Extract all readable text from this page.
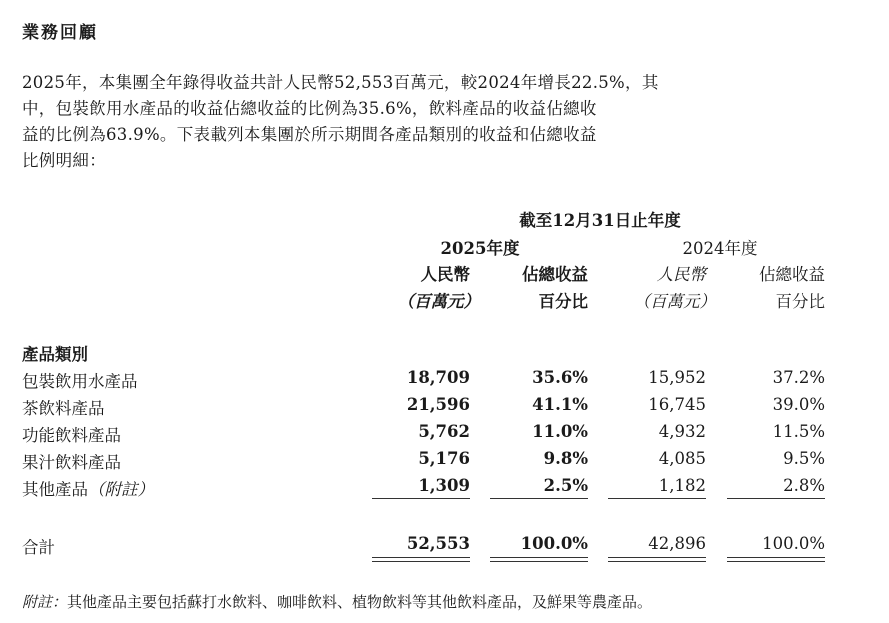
業務回顧
2025年，本集團全年錄得收益共計人民幣52,553百萬元，較2024年增長22.5%，其
中，包裝飲用水產品的收益佔總收益的比例為35.6%，飲料產品的收益佔總收
益的比例為63.9%。下表載列本集團於所示期間各產品類別的收益和佔總收益
比例明細：
截至12月31日止年度
2025年度	2024年度
人民幣	佔總收益	人民幣	佔總收益
（百萬元）	百分比	（百萬元）	百分比
產品類別
包裝飲用水產品	18,709	35.6%	15,952	37.2%
茶飲料產品	21,596	41.1%	16,745	39.0%
功能飲料產品	5,762	11.0%	4,932	11.5%
果汁飲料產品	5,176	9.8%	4,085	9.5%
其他產品（附註）	1,309	2.5%	1,182	2.8%
合計	52,553	100.0%	42,896	100.0%
附註：其他產品主要包括蘇打水飲料、咖啡飲料、植物飲料等其他飲料產品，及鮮果等農產品。
